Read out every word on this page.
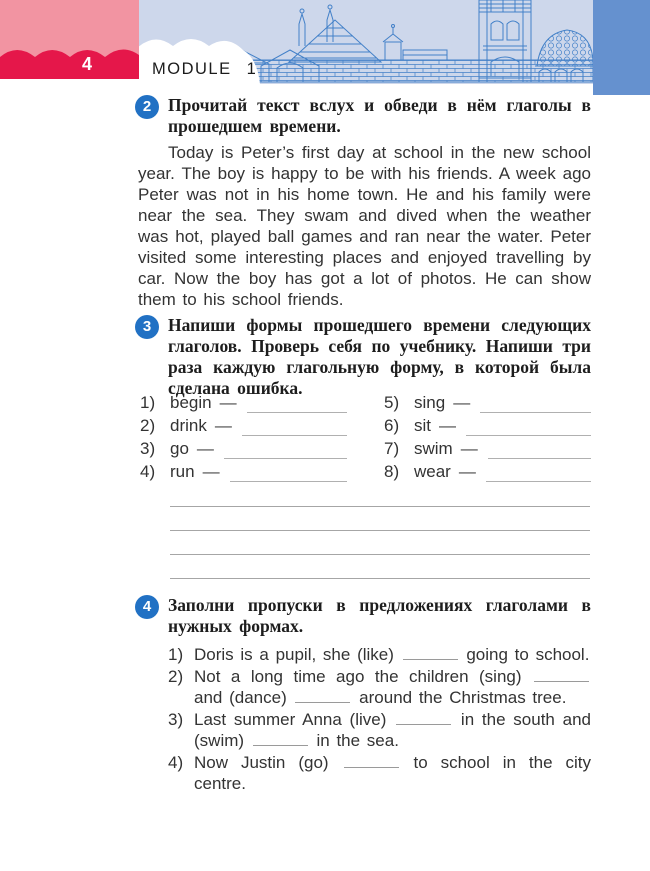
4	MODULE 1
2 Прочитай текст вслух и обведи в нём глаголы в прошедшем времени.

Today is Peter’s first day at school in the new school year. The boy is happy to be with his friends. A week ago Peter was not in his home town. He and his family were near the sea. They swam and dived when the weather was hot, played ball games and ran near the water. Peter visited some interesting places and enjoyed travelling by car. Now the boy has got a lot of photos. He can show them to his school friends.

3 Напиши формы прошедшего времени следующих глаголов. Проверь себя по учебнику. Напиши три раза каждую глагольную форму, в которой была сделана ошибка.

1) begin —
2) drink —
3) go —
4) run —
5) sing —
6) sit —
7) swim —
8) wear —
4 Заполни пропуски в предложениях глаголами в нужных формах.

1) Doris is a pupil, she (like)	going to school.
2) Not a long time ago the children (sing)  and (dance)	around the Christmas tree.
3) Last summer Anna (live)	in the south and (swim)	in the sea.
4) Now Justin (go)	to school in the city centre.
